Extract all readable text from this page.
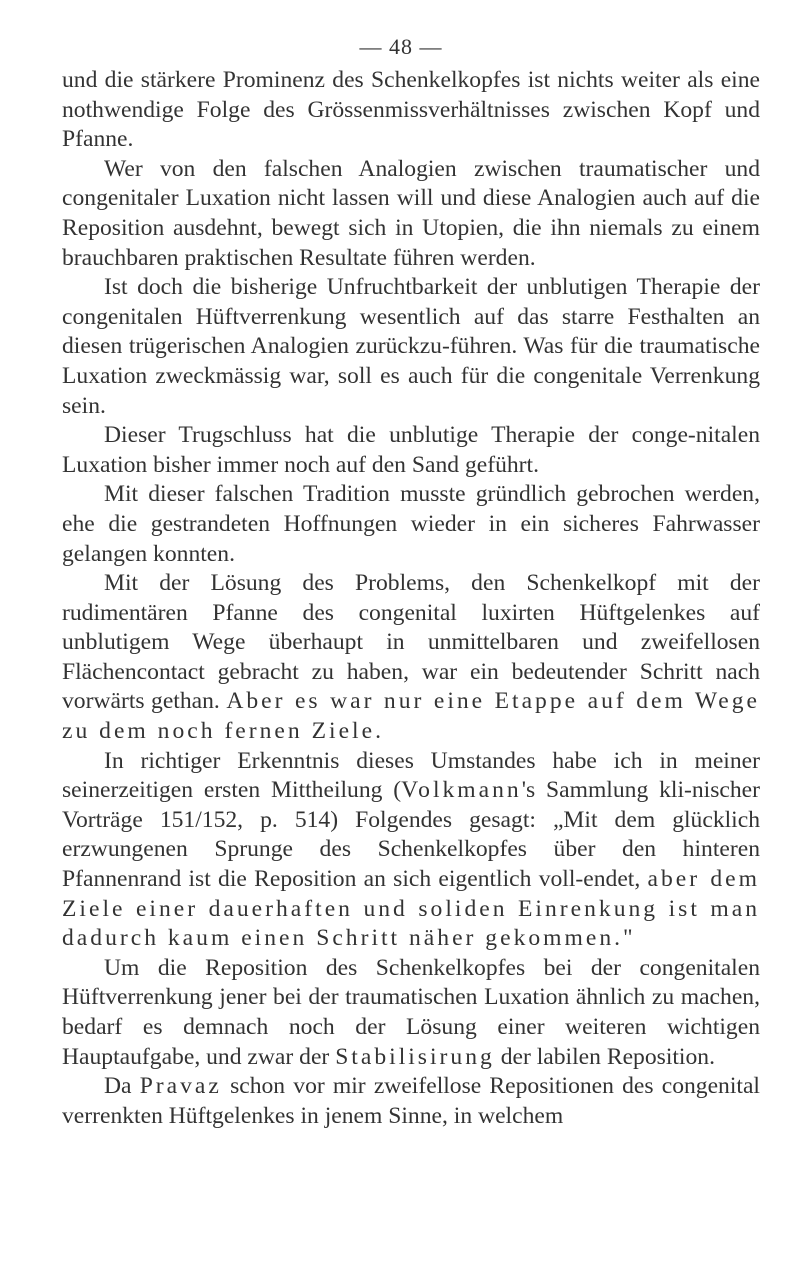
— 48 —

und die stärkere Prominenz des Schenkelkopfes ist nichts weiter als eine nothwendige Folge des Grössenmissverhältnisses zwischen Kopf und Pfanne.

Wer von den falschen Analogien zwischen traumatischer und congenitaler Luxation nicht lassen will und diese Analogien auch auf die Reposition ausdehnt, bewegt sich in Utopien, die ihn niemals zu einem brauchbaren praktischen Resultate führen werden.

Ist doch die bisherige Unfruchtbarkeit der unblutigen Therapie der congenitalen Hüftverrenkung wesentlich auf das starre Festhalten an diesen trügerischen Analogien zurückzu-führen. Was für die traumatische Luxation zweckmässig war, soll es auch für die congenitale Verrenkung sein.

Dieser Trugschluss hat die unblutige Therapie der conge-nitalen Luxation bisher immer noch auf den Sand geführt.

Mit dieser falschen Tradition musste gründlich gebrochen werden, ehe die gestrandeten Hoffnungen wieder in ein sicheres Fahrwasser gelangen konnten.

Mit der Lösung des Problems, den Schenkelkopf mit der rudimentären Pfanne des congenital luxirten Hüftgelenkes auf unblutigem Wege überhaupt in unmittelbaren und zweifellosen Flächencontact gebracht zu haben, war ein bedeutender Schritt nach vorwärts gethan. Aber es war nur eine Etappe auf dem Wege zu dem noch fernen Ziele.

In richtiger Erkenntnis dieses Umstandes habe ich in meiner seinerzeitigen ersten Mittheilung (Volkmann's Sammlung kli-nischer Vorträge 151/152, p. 514) Folgendes gesagt: „Mit dem glücklich erzwungenen Sprunge des Schenkelkopfes über den hinteren Pfannenrand ist die Reposition an sich eigentlich voll-endet, aber dem Ziele einer dauerhaften und soliden Einrenkung ist man dadurch kaum einen Schritt näher gekommen."

Um die Reposition des Schenkelkopfes bei der congenitalen Hüftverrenkung jener bei der traumatischen Luxation ähnlich zu machen, bedarf es demnach noch der Lösung einer weiteren wichtigen Hauptaufgabe, und zwar der Stabilisirung der labilen Reposition.

Da Pravaz schon vor mir zweifellose Repositionen des congenital verrenkten Hüftgelenkes in jenem Sinne, in welchem
